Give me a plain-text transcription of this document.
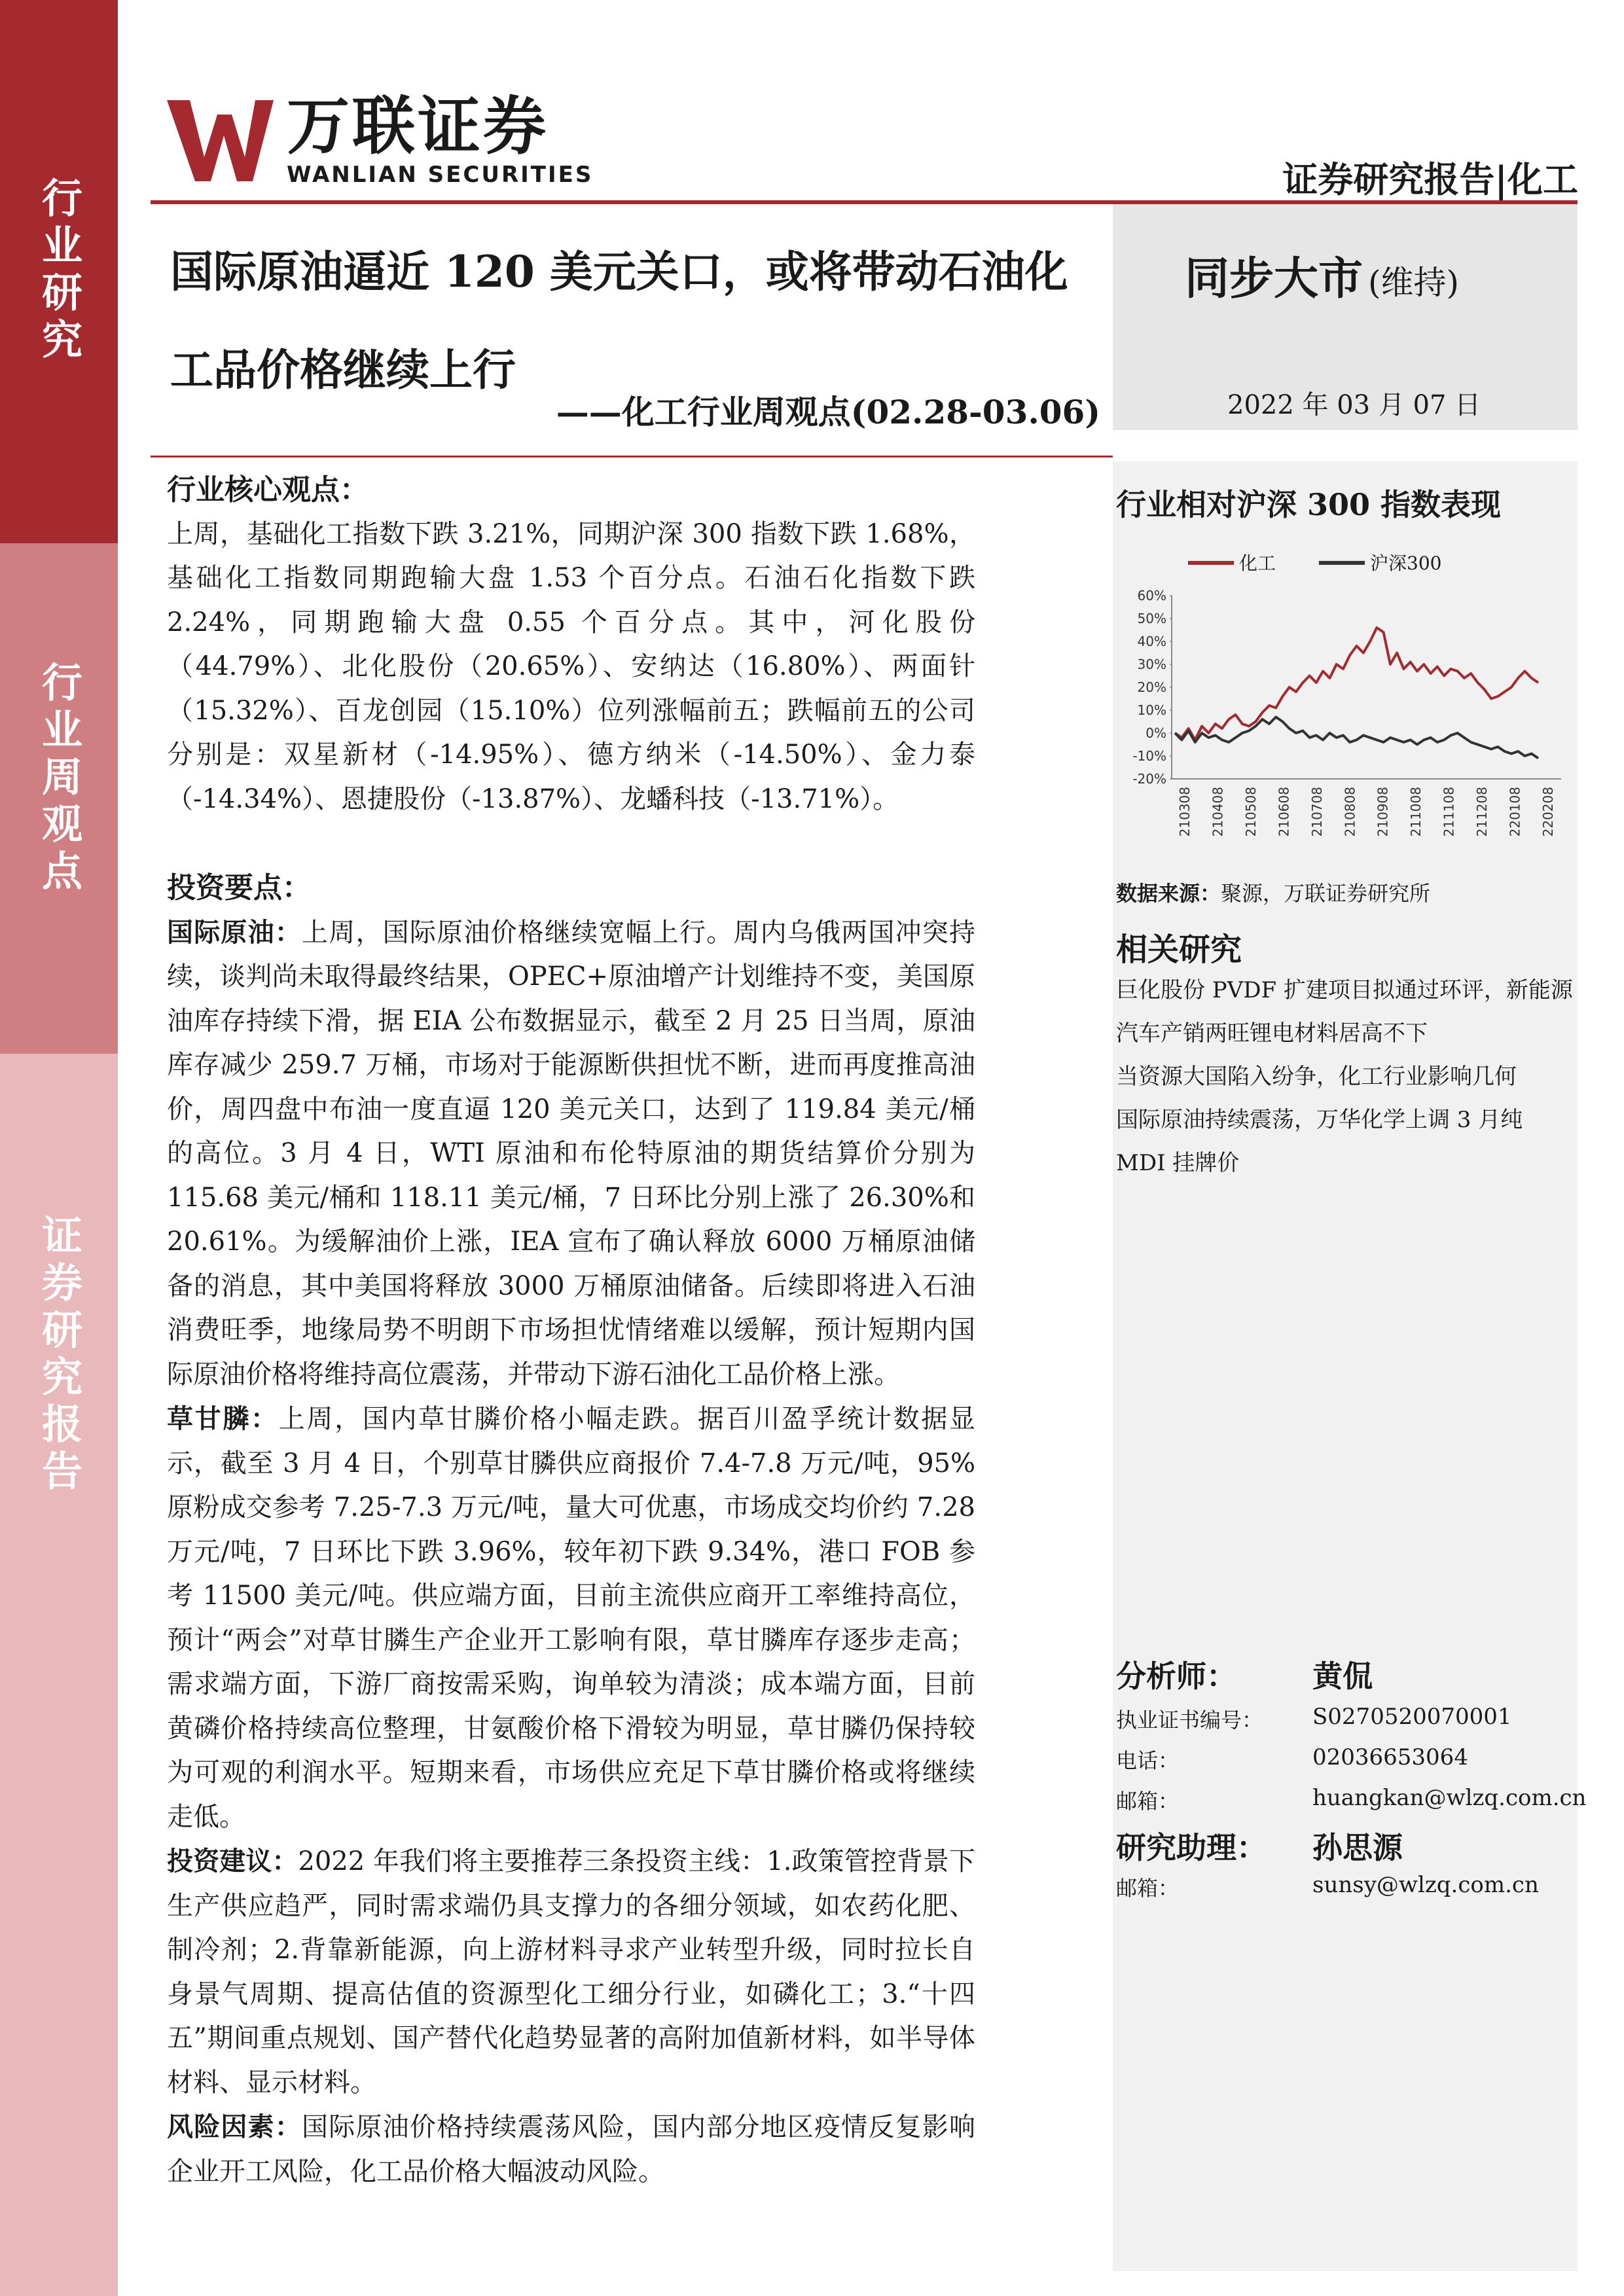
行业研究
行业周观点
证券研究报告
万联证券
WANLIAN SECURITIES	证券研究报告|化工
同步大市 (维持)
2022 年 03 月 07 日
国际原油逼近 120 美元关口，或将带动石油化工品价格继续上行
——化工行业周观点(02.28-03.06)
行业核心观点：
上周，基础化工指数下跌 3.21%，同期沪深 300 指数下跌 1.68%，基础化工指数同期跑输大盘 1.53 个百分点。石油石化指数下跌 2.24%，同期跑输大盘 0.55 个百分点。其中，河化股份（44.79%）、北化股份（20.65%）、安纳达（16.80%）、两面针（15.32%）、百龙创园（15.10%）位列涨幅前五；跌幅前五的公司分别是：双星新材（-14.95%）、德方纳米（-14.50%）、金力泰（-14.34%）、恩捷股份（-13.87%）、龙蟠科技（-13.71%）。
投资要点：
国际原油：上周，国际原油价格继续宽幅上行。周内乌俄两国冲突持续，谈判尚未取得最终结果，OPEC+原油增产计划维持不变，美国原油库存持续下滑，据 EIA 公布数据显示，截至 2 月 25 日当周，原油库存减少 259.7 万桶，市场对于能源断供担忧不断，进而再度推高油价，周四盘中布油一度直逼 120 美元关口，达到了 119.84 美元/桶的高位。3 月 4 日，WTI 原油和布伦特原油的期货结算价分别为 115.68 美元/桶和 118.11 美元/桶，7 日环比分别上涨了 26.30%和 20.61%。为缓解油价上涨，IEA 宣布了确认释放 6000 万桶原油储备的消息，其中美国将释放 3000 万桶原油储备。后续即将进入石油消费旺季，地缘局势不明朗下市场担忧情绪难以缓解，预计短期内国际原油价格将维持高位震荡，并带动下游石油化工品价格上涨。
草甘膦：上周，国内草甘膦价格小幅走跌。据百川盈孚统计数据显示，截至 3 月 4 日，个别草甘膦供应商报价 7.4-7.8 万元/吨，95%原粉成交参考 7.25-7.3 万元/吨，量大可优惠，市场成交均价约 7.28 万元/吨，7 日环比下跌 3.96%，较年初下跌 9.34%，港口 FOB 参考 11500 美元/吨。供应端方面，目前主流供应商开工率维持高位，预计“两会”对草甘膦生产企业开工影响有限，草甘膦库存逐步走高；需求端方面，下游厂商按需采购，询单较为清淡；成本端方面，目前黄磷价格持续高位整理，甘氨酸价格下滑较为明显，草甘膦仍保持较为可观的利润水平。短期来看，市场供应充足下草甘膦价格或将继续走低。
投资建议：2022 年我们将主要推荐三条投资主线：1.政策管控背景下生产供应趋严，同时需求端仍具支撑力的各细分领域，如农药化肥、制冷剂；2.背靠新能源，向上游材料寻求产业转型升级，同时拉长自身景气周期、提高估值的资源型化工细分行业，如磷化工；3.“十四五”期间重点规划、国产替代化趋势显著的高附加值新材料，如半导体材料、显示材料。
风险因素：国际原油价格持续震荡风险，国内部分地区疫情反复影响企业开工风险，化工品价格大幅波动风险。
行业相对沪深 300 指数表现
化工	沪深300
60%
50%
40%
30%
20%
10%
0%
-10%
-20%
210308 210408 210508 210608 210708 210808 210908 211008 211108 211208 220108 220208
数据来源：聚源，万联证券研究所
相关研究
巨化股份 PVDF 扩建项目拟通过环评，新能源汽车产销两旺锂电材料居高不下
当资源大国陷入纷争，化工行业影响几何
国际原油持续震荡，万华化学上调 3 月纯 MDI 挂牌价
分析师：	黄侃
执业证书编号： S0270520070001
电话：	02036653064
邮箱：	huangkan@wlzq.com.cn
研究助理： 孙思源
邮箱：	sunsy@wlzq.com.cn
